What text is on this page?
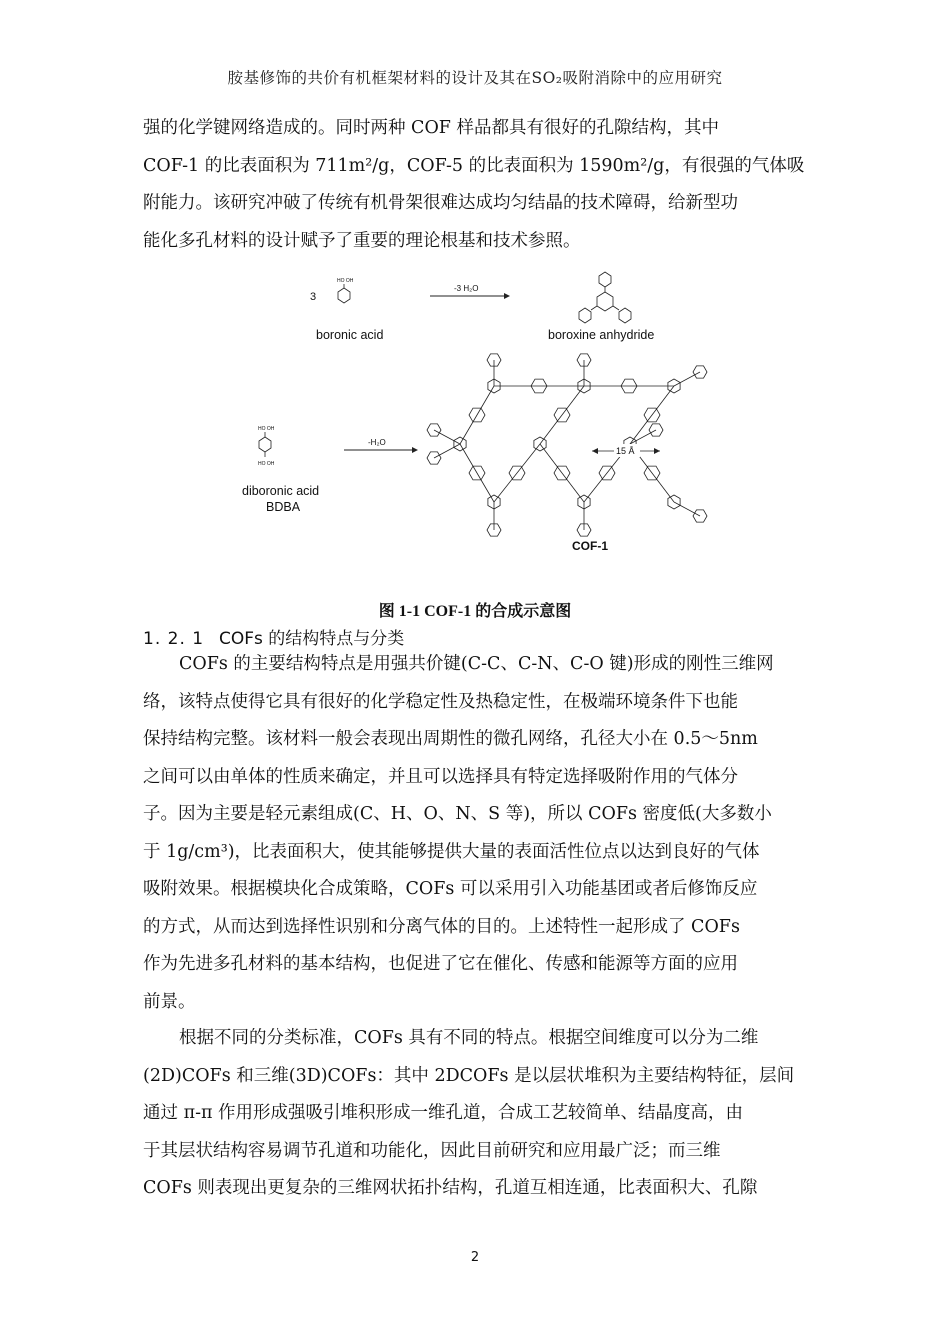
胺基修饰的共价有机框架材料的设计及其在SO₂吸附消除中的应用研究

强的化学键网络造成的。同时两种 COF 样品都具有很好的孔隙结构，其中

COF-1 的比表面积为 711m²/g，COF-5 的比表面积为 1590m²/g，有很强的气体吸

附能力。该研究冲破了传统有机骨架很难达成均匀结晶的技术障碍，给新型功

能化多孔材料的设计赋予了重要的理论根基和技术参照。

HO OH
3
boronic acid
-3 H₂O
boroxine anhydride
HO OH
HO OH
diboronic acid
BDBA
-H₂O
15 Å
COF-1
图 1-1 COF-1 的合成示意图
1. 2. 1 COFs 的结构特点与分类

COFs 的主要结构特点是用强共价键(C-C、C-N、C-O 键)形成的刚性三维网

络，该特点使得它具有很好的化学稳定性及热稳定性，在极端环境条件下也能

保持结构完整。该材料一般会表现出周期性的微孔网络，孔径大小在 0.5～5nm

之间可以由单体的性质来确定，并且可以选择具有特定选择吸附作用的气体分

子。因为主要是轻元素组成(C、H、O、N、S 等)，所以 COFs 密度低(大多数小

于 1g/cm³)，比表面积大，使其能够提供大量的表面活性位点以达到良好的气体

吸附效果。根据模块化合成策略，COFs 可以采用引入功能基团或者后修饰反应

的方式，从而达到选择性识别和分离气体的目的。上述特性一起形成了 COFs

作为先进多孔材料的基本结构，也促进了它在催化、传感和能源等方面的应用

前景。

根据不同的分类标准，COFs 具有不同的特点。根据空间维度可以分为二维

(2D)COFs 和三维(3D)COFs：其中 2DCOFs 是以层状堆积为主要结构特征，层间

通过 π-π 作用形成强吸引堆积形成一维孔道，合成工艺较简单、结晶度高，由

于其层状结构容易调节孔道和功能化，因此目前研究和应用最广泛；而三维

COFs 则表现出更复杂的三维网状拓扑结构，孔道互相连通，比表面积大、孔隙

2
